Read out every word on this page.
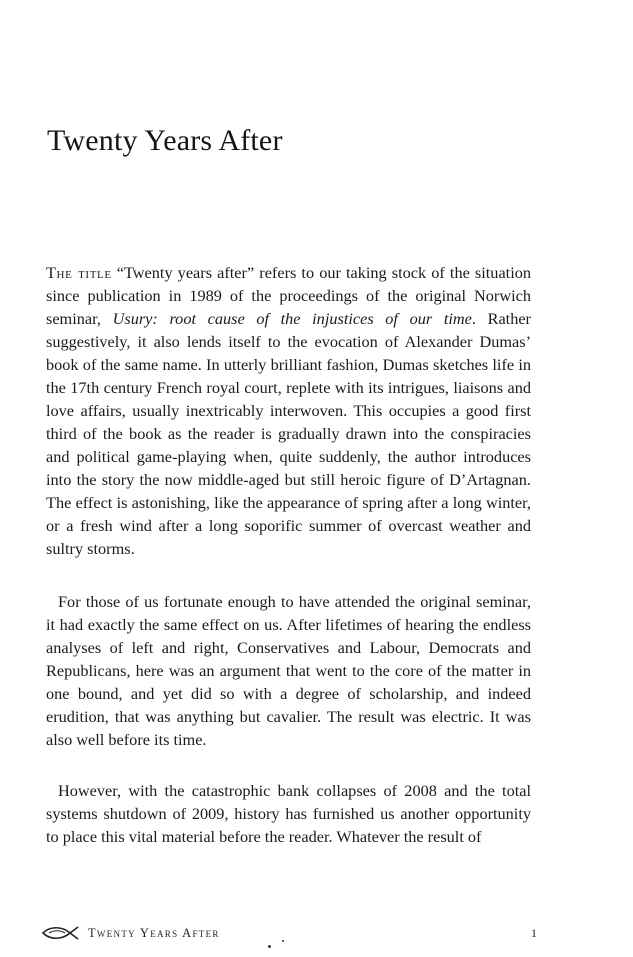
Twenty Years After

The title “Twenty years after” refers to our taking stock of the situation since publication in 1989 of the proceedings of the original Norwich seminar, Usury: root cause of the injustices of our time. Rather suggestively, it also lends itself to the evocation of Alexander Dumas’ book of the same name. In utterly brilliant fashion, Dumas sketches life in the 17th century French royal court, replete with its intrigues, liaisons and love affairs, usually inextricably interwoven. This occupies a good first third of the book as the reader is gradually drawn into the conspiracies and political game-playing when, quite suddenly, the author introduces into the story the now middle-aged but still heroic figure of D’Artagnan. The effect is astonishing, like the appearance of spring after a long winter, or a fresh wind after a long soporific summer of overcast weather and sultry storms.

For those of us fortunate enough to have attended the original seminar, it had exactly the same effect on us. After lifetimes of hearing the endless analyses of left and right, Conservatives and Labour, Democrats and Republicans, here was an argument that went to the core of the matter in one bound, and yet did so with a degree of scholarship, and indeed erudition, that was anything but cavalier. The result was electric. It was also well before its time.

However, with the catastrophic bank collapses of 2008 and the total systems shutdown of 2009, history has furnished us another opportunity to place this vital material before the reader. Whatever the result of

Twenty Years After	1
